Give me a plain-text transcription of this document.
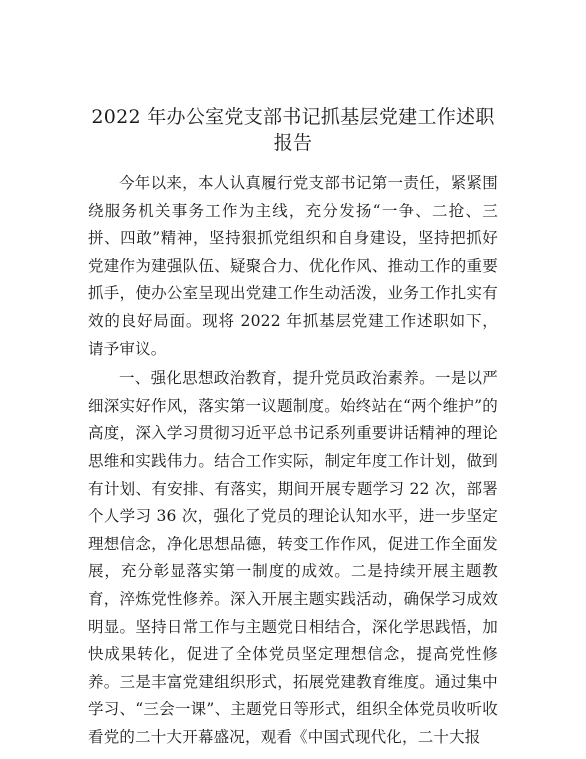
2022 年办公室党支部书记抓基层党建工作述职
报告

今年以来，本人认真履行党支部书记第一责任，紧紧围绕服务机关事务工作为主线，充分发扬“一争、二抢、三拼、四敢”精神，坚持狠抓党组织和自身建设，坚持把抓好党建作为建强队伍、疑聚合力、优化作风、推动工作的重要抓手，使办公室呈现出党建工作生动活泼，业务工作扎实有效的良好局面。现将 2022 年抓基层党建工作述职如下，请予审议。

一、强化思想政治教育，提升党员政治素养。一是以严细深实好作风，落实第一议题制度。始终站在“两个维护”的高度，深入学习贯彻习近平总书记系列重要讲话精神的理论思维和实践伟力。结合工作实际，制定年度工作计划，做到有计划、有安排、有落实，期间开展专题学习 22 次，部署个人学习 36 次，强化了党员的理论认知水平，进一步坚定理想信念，净化思想品德，转变工作作风，促进工作全面发展，充分彰显落实第一制度的成效。二是持续开展主题教育，淬炼党性修养。深入开展主题实践活动，确保学习成效明显。坚持日常工作与主题党日相结合，深化学思践悟，加快成果转化，促进了全体党员坚定理想信念，提高党性修养。三是丰富党建组织形式，拓展党建教育维度。通过集中学习、“三会一课”、主题党日等形式，组织全体党员收听收看党的二十大开幕盛况，观看《中国式现代化，二十大报
